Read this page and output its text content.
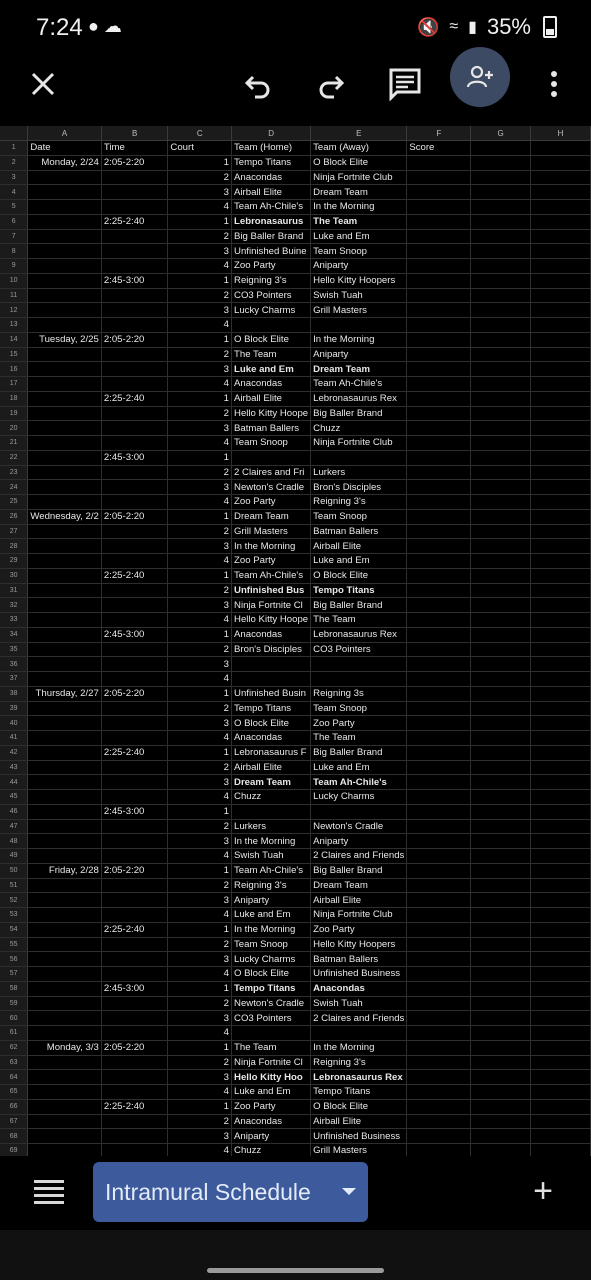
7:24 ● ☁	🔇 ≈ ▮ 35%
	A	B	C	D	E	F	G	H
1	Date	Time	Court	Team (Home)	Team (Away)	Score		
2	Monday, 2/24	2:05-2:20	1	Tempo Titans	O Block Elite			
3			2	Anacondas	Ninja Fortnite Club			
4			3	Airball Elite	Dream Team			
5			4	Team Ah-Chile's	In the Morning			
6		2:25-2:40	1	Lebronasaurus	The Team			
7			2	Big Baller Brand	Luke and Em			
8			3	Unfinished Buine	Team Snoop			
9			4	Zoo Party	Aniparty			
10		2:45-3:00	1	Reigning 3's	Hello Kitty Hoopers			
11			2	CO3 Pointers	Swish Tuah			
12			3	Lucky Charms	Grill Masters			
13			4					
14	Tuesday, 2/25	2:05-2:20	1	O Block Elite	In the Morning			
15			2	The Team	Aniparty			
16			3	Luke and Em	Dream Team			
17			4	Anacondas	Team Ah-Chile's			
18		2:25-2:40	1	Airball Elite	Lebronasaurus Rex			
19			2	Hello Kitty Hoope	Big Baller Brand			
20			3	Batman Ballers	Chuzz			
21			4	Team Snoop	Ninja Fortnite Club			
22		2:45-3:00	1					
23			2	2 Claires and Fri	Lurkers			
24			3	Newton's Cradle	Bron's Disciples			
25			4	Zoo Party	Reigning 3's			
26	Wednesday, 2/2	2:05-2:20	1	Dream Team	Team Snoop			
27			2	Grill Masters	Batman Ballers			
28			3	In the Morning	Airball Elite			
29			4	Zoo Party	Luke and Em			
30		2:25-2:40	1	Team Ah-Chile's	O Block Elite			
31			2	Unfinished Bus	Tempo Titans			
32			3	Ninja Fortnite Cl	Big Baller Brand			
33			4	Hello Kitty Hoope	The Team			
34		2:45-3:00	1	Anacondas	Lebronasaurus Rex			
35			2	Bron's Disciples	CO3 Pointers			
36			3					
37			4					
38	Thursday, 2/27	2:05-2:20	1	Unfinished Busin	Reigning 3s			
39			2	Tempo Titans	Team Snoop			
40			3	O Block Elite	Zoo Party			
41			4	Anacondas	The Team			
42		2:25-2:40	1	Lebronasaurus F	Big Baller Brand			
43			2	Airball Elite	Luke and Em			
44			3	Dream Team	Team Ah-Chile's			
45			4	Chuzz	Lucky Charms			
46		2:45-3:00	1					
47			2	Lurkers	Newton's Cradle			
48			3	In the Morning	Aniparty			
49			4	Swish Tuah	2 Claires and Friends			
50	Friday, 2/28	2:05-2:20	1	Team Ah-Chile's	Big Baller Brand			
51			2	Reigning 3's	Dream Team			
52			3	Aniparty	Airball Elite			
53			4	Luke and Em	Ninja Fortnite Club			
54		2:25-2:40	1	In the Morning	Zoo Party			
55			2	Team Snoop	Hello Kitty Hoopers			
56			3	Lucky Charms	Batman Ballers			
57			4	O Block Elite	Unfinished Business			
58		2:45-3:00	1	Tempo Titans	Anacondas			
59			2	Newton's Cradle	Swish Tuah			
60			3	CO3 Pointers	2 Claires and Friends			
61			4					
62	Monday, 3/3	2:05-2:20	1	The Team	In the Morning			
63			2	Ninja Fortnite Cl	Reigning 3's			
64			3	Hello Kitty Hoo	Lebronasaurus Rex			
65			4	Luke and Em	Tempo Titans			
66		2:25-2:40	1	Zoo Party	O Block Elite			
67			2	Anacondas	Airball Elite			
68			3	Aniparty	Unfinished Business			
69			4	Chuzz	Grill Masters			
Intramural Schedule	+
